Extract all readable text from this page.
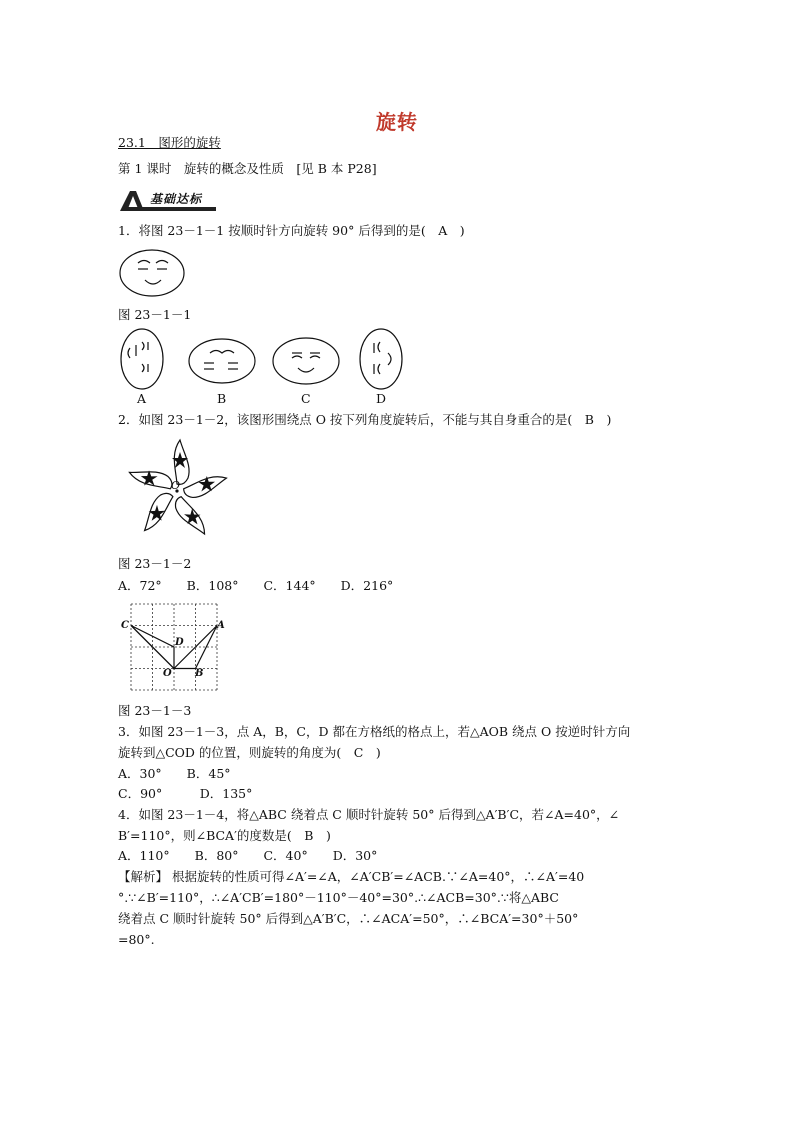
旋转
23.1　图形的旋转
第 1 课时　旋转的概念及性质　[见 B 本 P28]
基础达标
1．将图 23－1－1 按顺时针方向旋转 90° 后得到的是(　A　)
图 23－1－1
A	B	C	D
2．如图 23－1－2，该图形围绕点 O 按下列角度旋转后，不能与其自身重合的是(　B　)
O
图 23－1－2
A．72°　　B．108°　　C．144°　　D．216°
C	A
D
O B
图 23－1－3
3．如图 23－1－3，点 A，B，C，D 都在方格纸的格点上，若△AOB 绕点 O 按逆时针方向
旋转到△COD 的位置，则旋转的角度为(　C　)
A．30°　　B．45°
C．90°　　　D．135°
4．如图 23－1－4，将△ABC 绕着点 C 顺时针旋转 50° 后得到△A′B′C，若∠A=40°，∠
B′=110°，则∠BCA′的度数是(　B　)
A．110°　　B．80°　　C．40°　　D．30°
【解析】 根据旋转的性质可得∠A′=∠A，∠A′CB′=∠ACB.∵∠A=40°，∴∠A′=40
°.∵∠B′=110°，∴∠A′CB′=180°－110°－40°=30°.∴∠ACB=30°.∵将△ABC
绕着点 C 顺时针旋转 50° 后得到△A′B′C，∴∠ACA′=50°，∴∠BCA′=30°＋50°
=80°.
